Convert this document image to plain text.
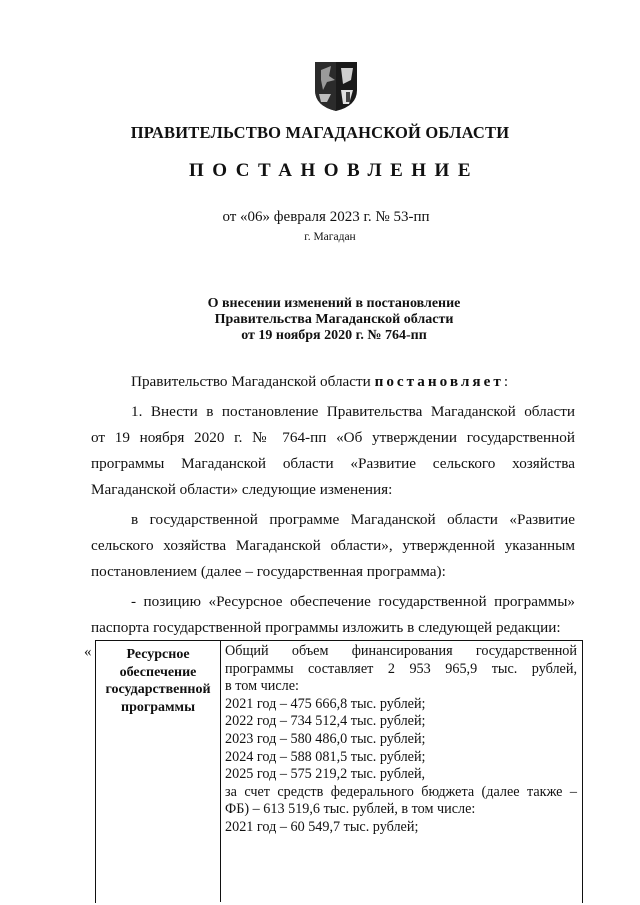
ПРАВИТЕЛЬСТВО МАГАДАНСКОЙ ОБЛАСТИ
ПОСТАНОВЛЕНИЕ
от «06» февраля 2023 г. № 53-пп
г. Магадан
О внесении изменений в постановление
Правительства Магаданской области
от 19 ноября 2020 г. № 764-пп
Правительство Магаданской области постановляет:
1. Внести в постановление Правительства Магаданской области
от 19 ноября 2020 г. № 764-пп «Об утверждении государственной
программы Магаданской области «Развитие сельского хозяйства
Магаданской области» следующие изменения:
в государственной программе Магаданской области «Развитие
сельского хозяйства Магаданской области», утвержденной указанным
постановлением (далее – государственная программа):
- позицию «Ресурсное обеспечение государственной программы»
паспорта государственной программы изложить в следующей редакции:
«	Ресурсное
обеспечение
государственной
программы
Общий объем финансирования государственной
программы составляет 2 953 965,9 тыс. рублей,
в том числе:
2021 год – 475 666,8 тыс. рублей;
2022 год – 734 512,4 тыс. рублей;
2023 год – 580 486,0 тыс. рублей;
2024 год – 588 081,5 тыс. рублей;
2025 год – 575 219,2 тыс. рублей,
за счет средств федерального бюджета (далее также –
ФБ) – 613 519,6 тыс. рублей, в том числе:
2021 год – 60 549,7 тыс. рублей;
